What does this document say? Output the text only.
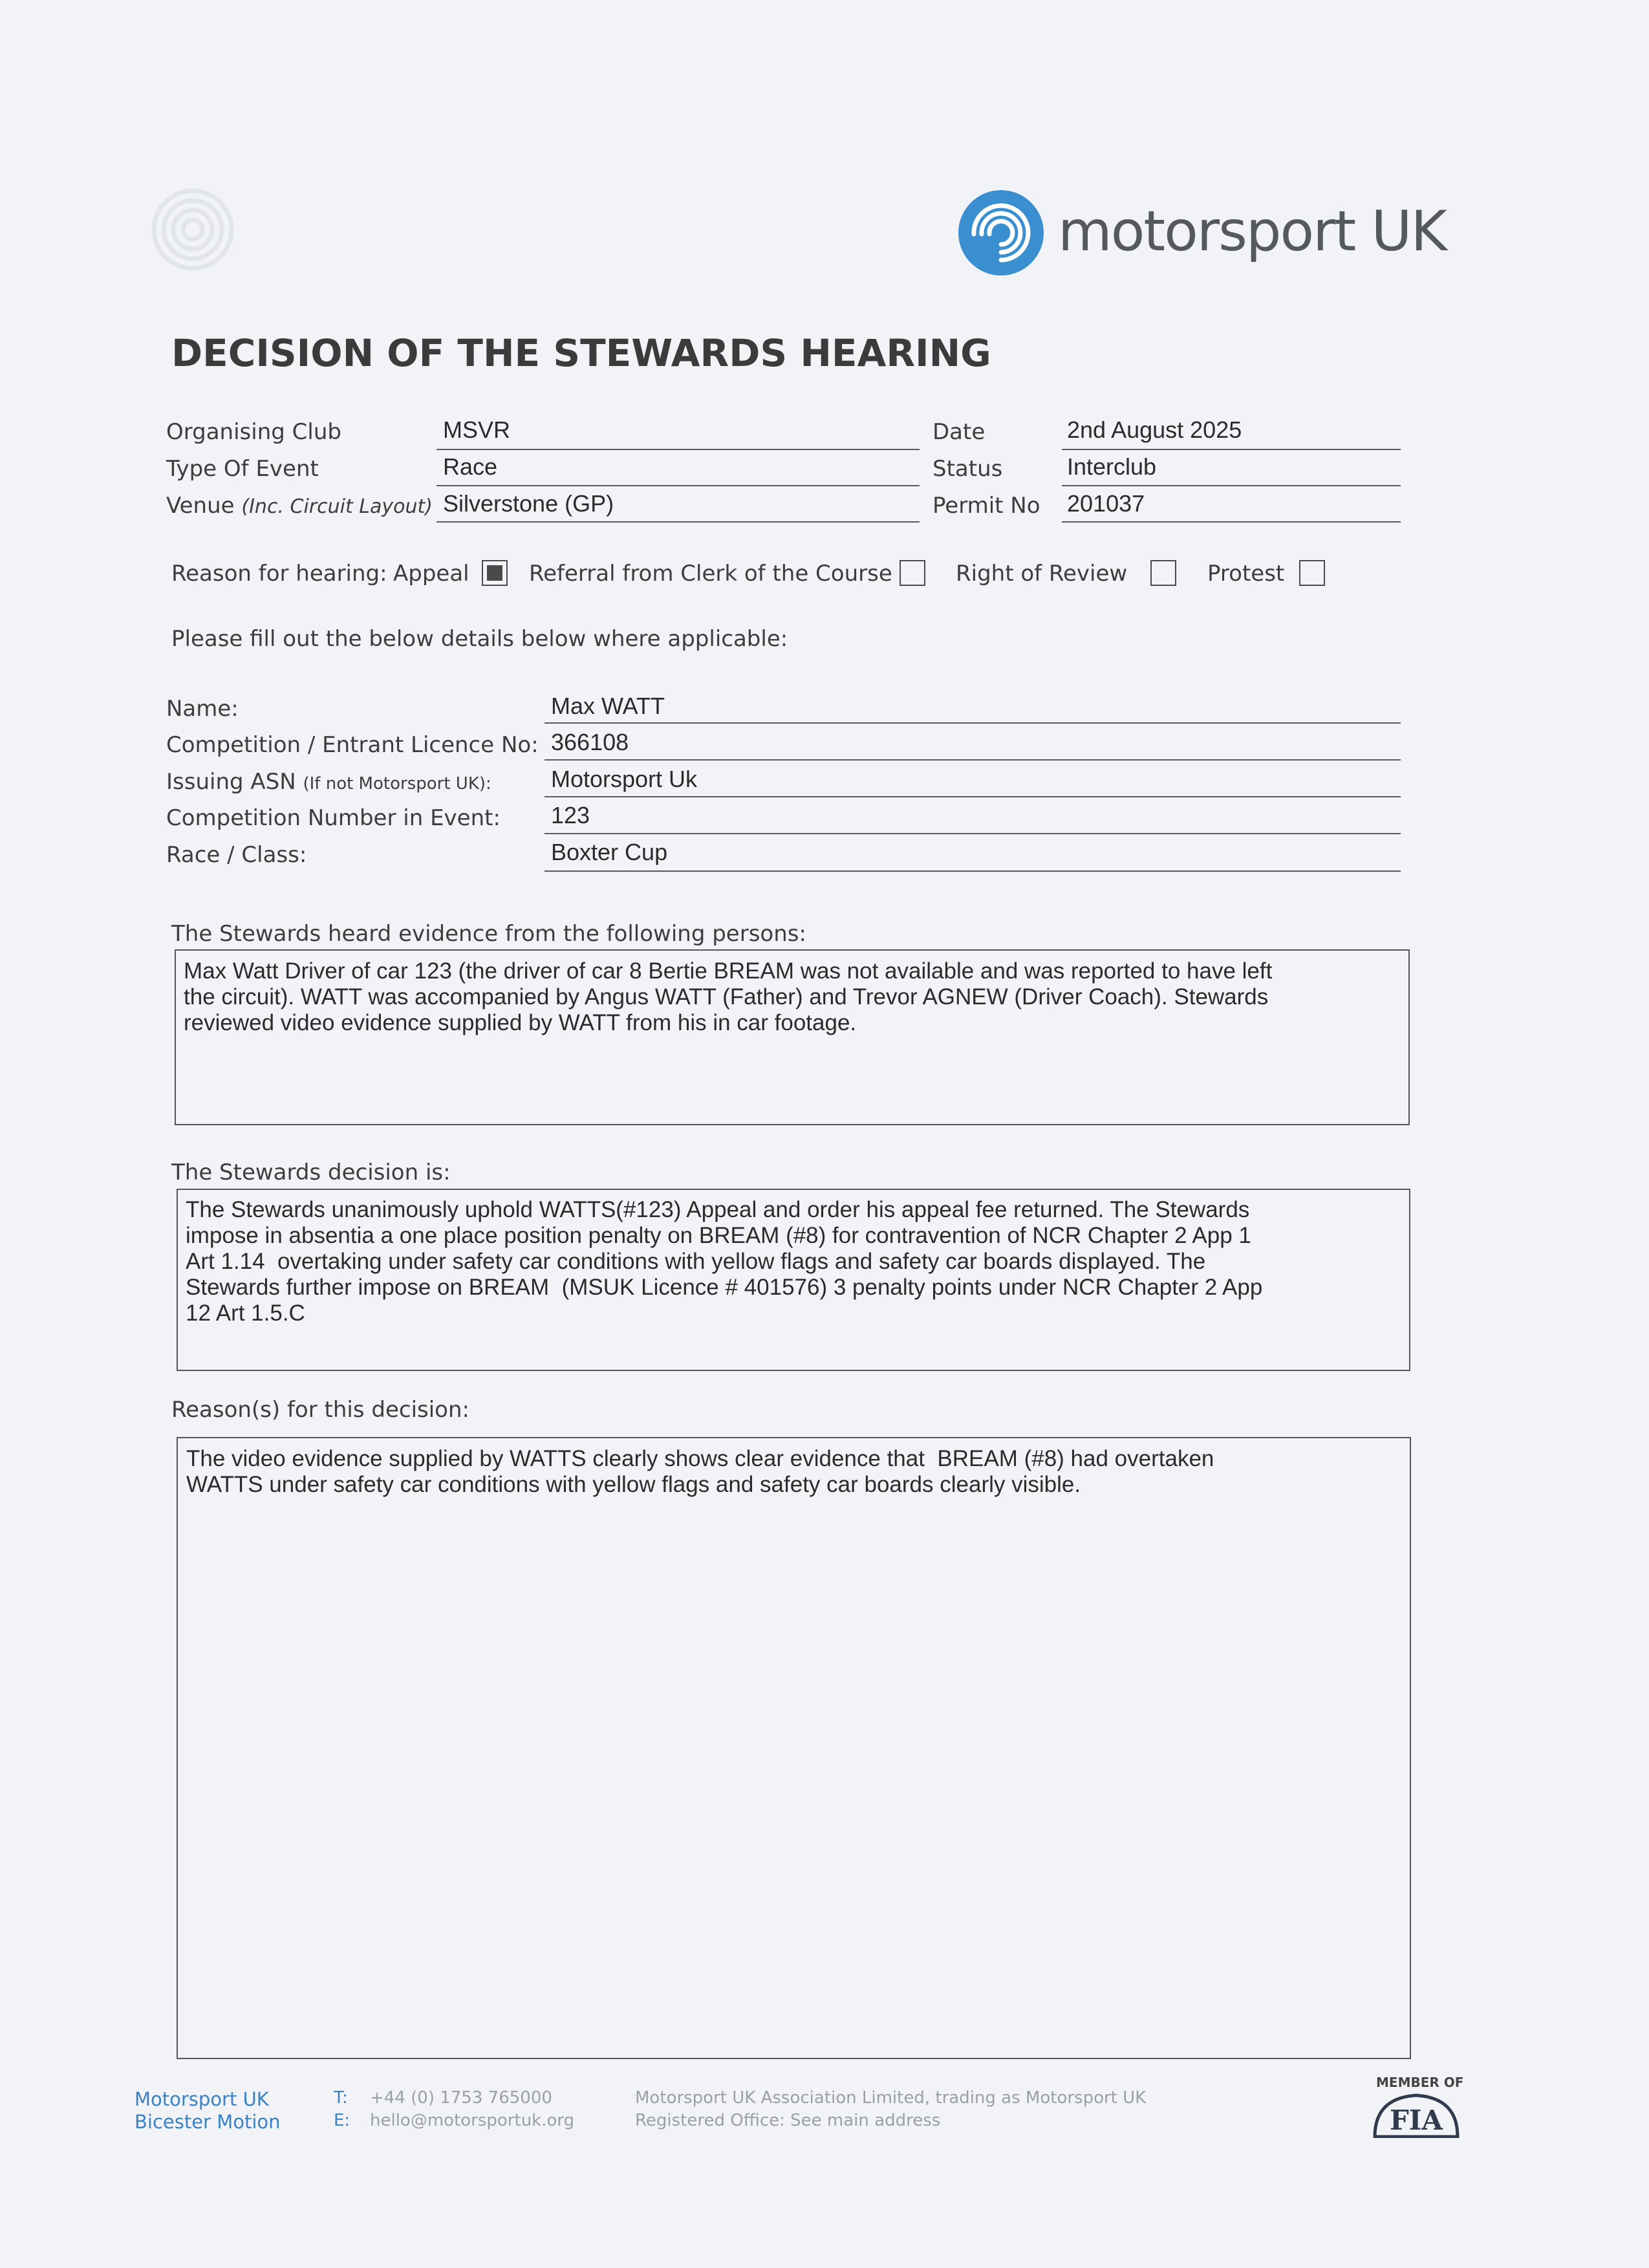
motorsport UK
DECISION OF THE STEWARDS HEARING
Organising Club	MSVR
Type Of Event	Race
Venue (Inc. Circuit Layout) Silverstone (GP)
Date	2nd August 2025
Status	Interclub
Permit No 201037
Reason for hearing: Appeal	Referral from Clerk of the Course	Right of Review	Protest
Please fill out the below details below where applicable:
Name:	Max WATT
Competition / Entrant Licence No: 366108
Issuing ASN (If not Motorsport UK):	Motorsport Uk
Competition Number in Event: 123
Race / Class:	Boxter Cup
The Stewards heard evidence from the following persons:
Max Watt Driver of car 123 (the driver of car 8 Bertie BREAM was not available and was reported to have left
the circuit). WATT was accompanied by Angus WATT (Father) and Trevor AGNEW (Driver Coach). Stewards
reviewed video evidence supplied by WATT from his in car footage.
The Stewards decision is:
The Stewards unanimously uphold WATTS(#123) Appeal and order his appeal fee returned. The Stewards
impose in absentia a one place position penalty on BREAM (#8) for contravention of NCR Chapter 2 App 1
Art 1.14  overtaking under safety car conditions with yellow flags and safety car boards displayed. The
Stewards further impose on BREAM  (MSUK Licence # 401576) 3 penalty points under NCR Chapter 2 App
12 Art 1.5.C
Reason(s) for this decision:
The video evidence supplied by WATTS clearly shows clear evidence that  BREAM (#8) had overtaken
WATTS under safety car conditions with yellow flags and safety car boards clearly visible.
Motorsport UK
Bicester Motion
T:
E:
+44 (0) 1753 765000
hello@motorsportuk.org
Motorsport UK Association Limited, trading as Motorsport UK
Registered Office: See main address
MEMBER OF
FIA
